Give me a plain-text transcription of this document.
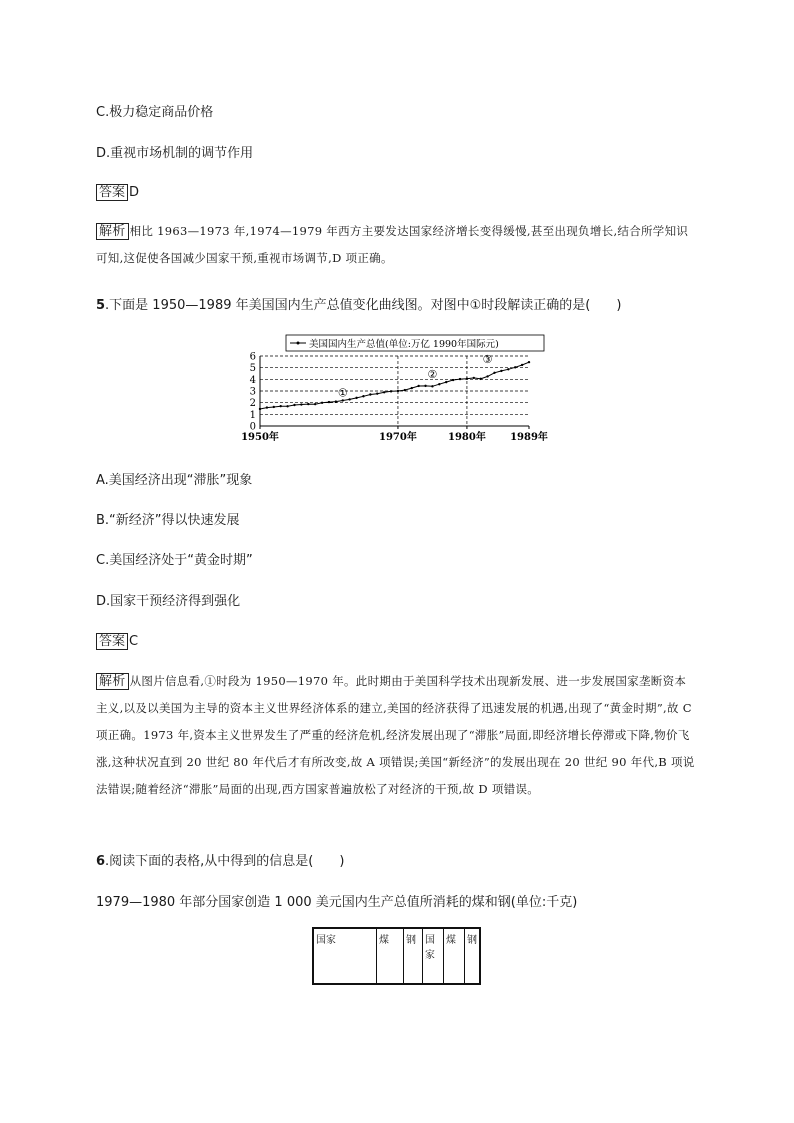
C.极力稳定商品价格
D.重视市场机制的调节作用
答案 D
解析 相比 1963—1973 年,1974—1979 年西方主要发达国家经济增长变得缓慢,甚至出现负增长,结合所学知识可知,这促使各国减少国家干预,重视市场调节,D 项正确。
5.下面是 1950—1989 年美国国内生产总值变化曲线图。对图中①时段解读正确的是(　　)
美国国内生产总值(单位:万亿 1990年国际元)
0
1
2
3
4
5
6
1950年	1970年	1980年 1989年
①
②
③
A.美国经济出现“滞胀”现象
B.“新经济”得以快速发展
C.美国经济处于“黄金时期”
D.国家干预经济得到强化
答案 C
解析 从图片信息看,①时段为 1950—1970 年。此时期由于美国科学技术出现新发展、进一步发展国家垄断资本主义,以及以美国为主导的资本主义世界经济体系的建立,美国的经济获得了迅速发展的机遇,出现了“黄金时期”,故 C 项正确。1973 年,资本主义世界发生了严重的经济危机,经济发展出现了“滞胀”局面,即经济增长停滞或下降,物价飞涨,这种状况直到 20 世纪 80 年代后才有所改变,故 A 项错误;美国“新经济”的发展出现在 20 世纪 90 年代,B 项说法错误;随着经济“滞胀”局面的出现,西方国家普遍放松了对经济的干预,故 D 项错误。
6.阅读下面的表格,从中得到的信息是(　　)
1979—1980 年部分国家创造 1 000 美元国内生产总值所消耗的煤和钢(单位:千克)
国家	煤	钢	国家	煤	钢
